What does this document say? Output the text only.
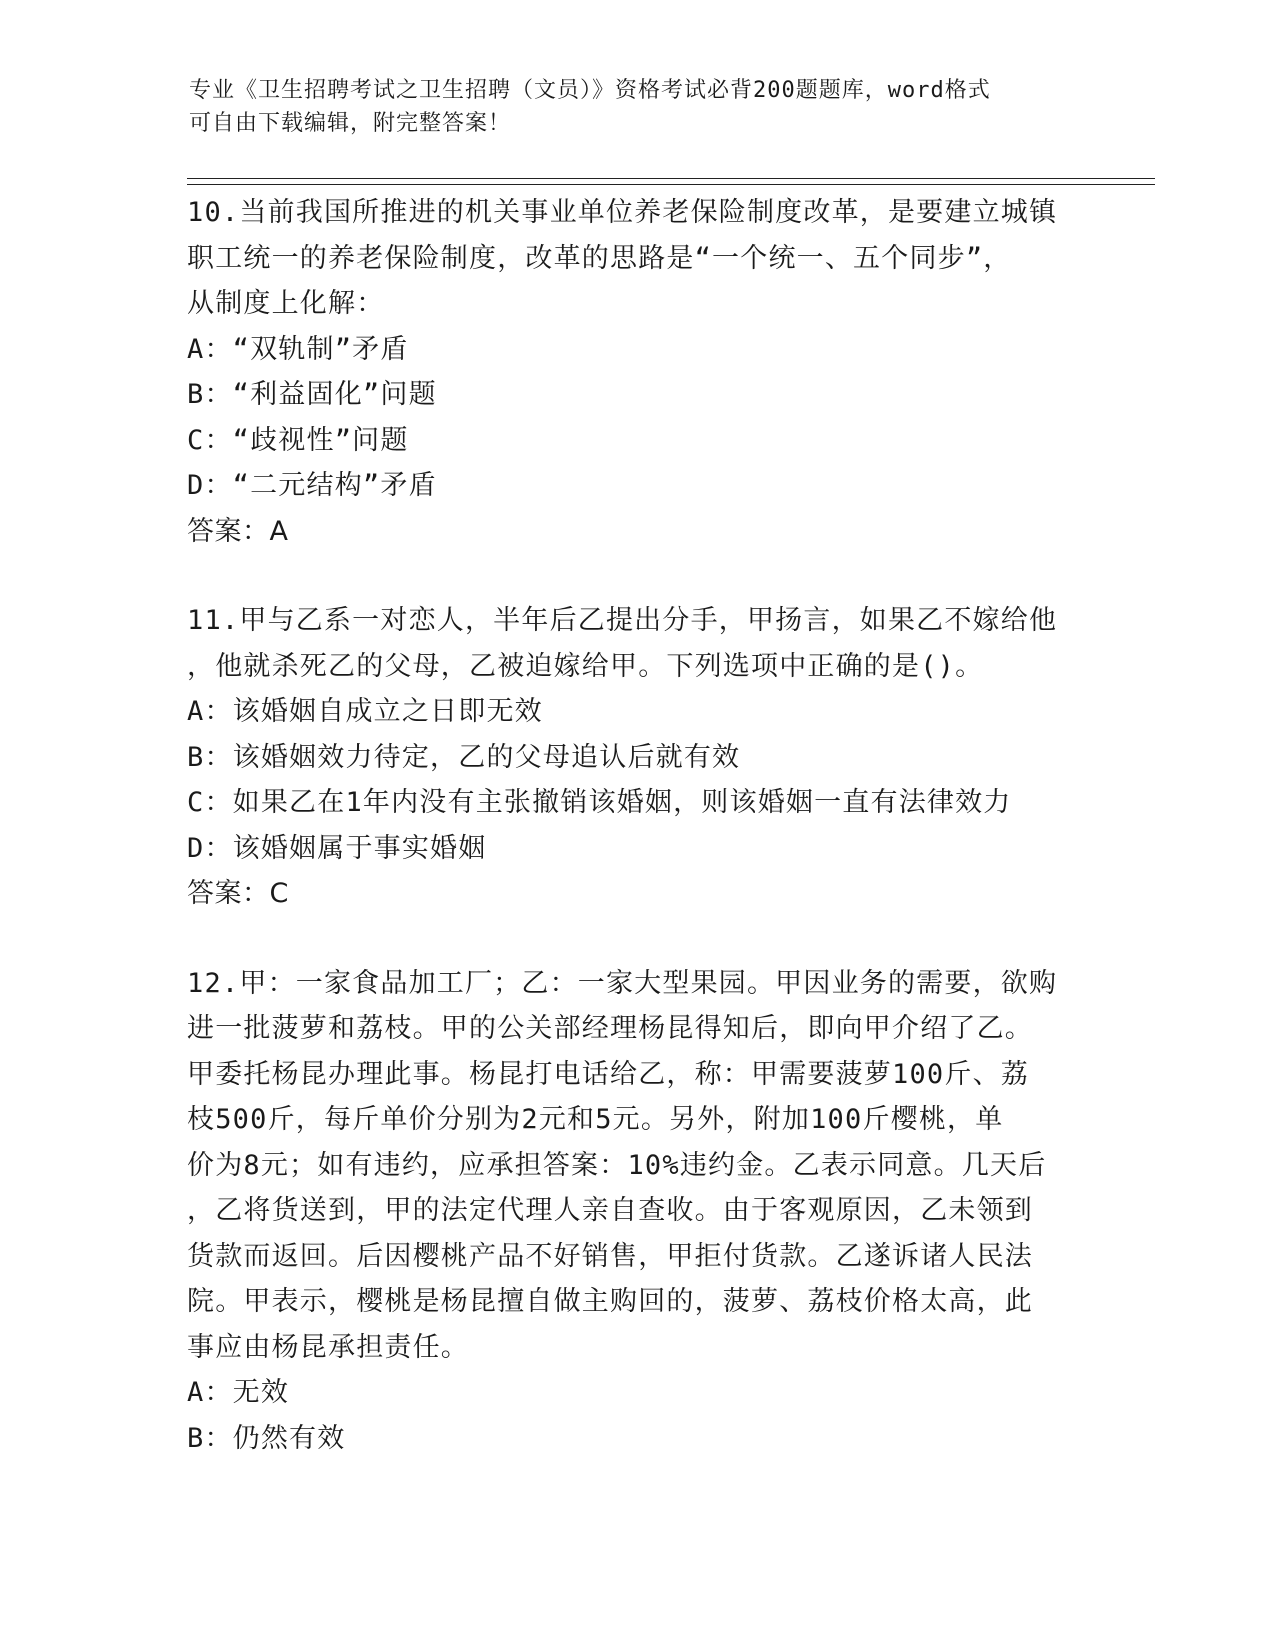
专业《卫生招聘考试之卫生招聘（文员）》资格考试必背200题题库，word格式
可自由下载编辑，附完整答案！

10.当前我国所推进的机关事业单位养老保险制度改革，是要建立城镇

职工统一的养老保险制度，改革的思路是“一个统一、五个同步”，

从制度上化解：

A：“双轨制”矛盾

B：“利益固化”问题

C：“歧视性”问题

D：“二元结构”矛盾

答案：A

11.甲与乙系一对恋人，半年后乙提出分手，甲扬言，如果乙不嫁给他

，他就杀死乙的父母，乙被迫嫁给甲。下列选项中正确的是()。

A：该婚姻自成立之日即无效

B：该婚姻效力待定，乙的父母追认后就有效

C：如果乙在1年内没有主张撤销该婚姻，则该婚姻一直有法律效力

D：该婚姻属于事实婚姻

答案：C

12.甲：一家食品加工厂；乙：一家大型果园。甲因业务的需要，欲购

进一批菠萝和荔枝。甲的公关部经理杨昆得知后，即向甲介绍了乙。

甲委托杨昆办理此事。杨昆打电话给乙，称：甲需要菠萝100斤、荔

枝500斤，每斤单价分别为2元和5元。另外，附加100斤樱桃，单

价为8元；如有违约，应承担答案：10%违约金。乙表示同意。几天后

，乙将货送到，甲的法定代理人亲自查收。由于客观原因，乙未领到

货款而返回。后因樱桃产品不好销售，甲拒付货款。乙遂诉诸人民法

院。甲表示，樱桃是杨昆擅自做主购回的，菠萝、荔枝价格太高，此

事应由杨昆承担责任。

A：无效

B：仍然有效
